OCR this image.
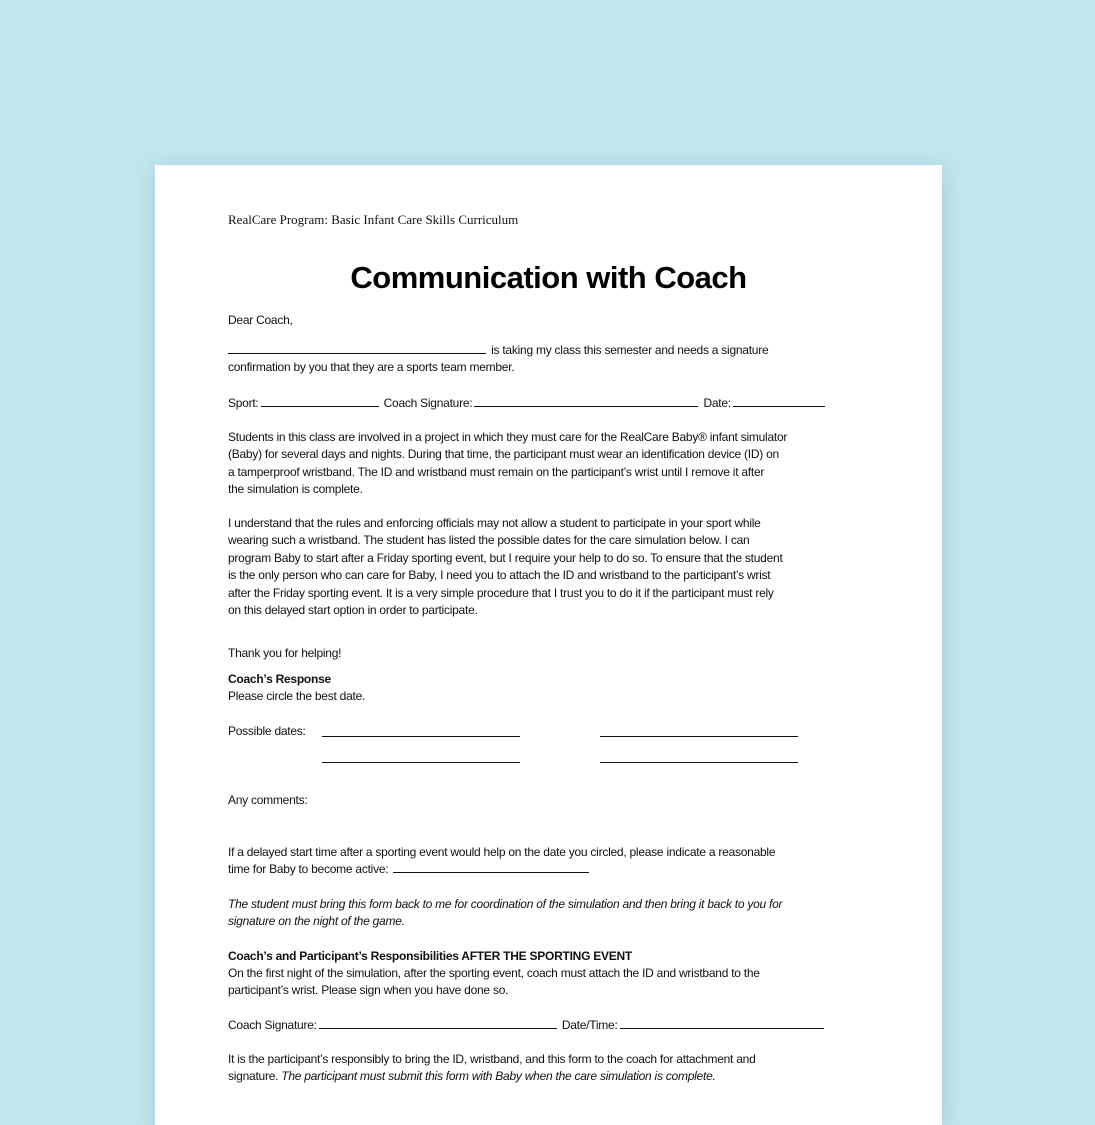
RealCare Program: Basic Infant Care Skills Curriculum
Communication with Coach
Dear Coach,
is taking my class this semester and needs a signature
confirmation by you that they are a sports team member.
Sport:	Coach Signature:	Date:
Students in this class are involved in a project in which they must care for the RealCare Baby® infant simulator
(Baby) for several days and nights. During that time, the participant must wear an identification device (ID) on
a tamperproof wristband. The ID and wristband must remain on the participant’s wrist until I remove it after
the simulation is complete.
I understand that the rules and enforcing officials may not allow a student to participate in your sport while
wearing such a wristband. The student has listed the possible dates for the care simulation below. I can
program Baby to start after a Friday sporting event, but I require your help to do so. To ensure that the student
is the only person who can care for Baby, I need you to attach the ID and wristband to the participant’s wrist
after the Friday sporting event. It is a very simple procedure that I trust you to do it if the participant must rely
on this delayed start option in order to participate.
Thank you for helping!
Coach’s Response
Please circle the best date.
Possible dates:
Any comments:
If a delayed start time after a sporting event would help on the date you circled, please indicate a reasonable
time for Baby to become active:
The student must bring this form back to me for coordination of the simulation and then bring it back to you for
signature on the night of the game.
Coach’s and Participant’s Responsibilities AFTER THE SPORTING EVENT
On the first night of the simulation, after the sporting event, coach must attach the ID and wristband to the
participant’s wrist. Please sign when you have done so.
Coach Signature:	Date/Time:
It is the participant’s responsibly to bring the ID, wristband, and this form to the coach for attachment and
signature. The participant must submit this form with Baby when the care simulation is complete.
